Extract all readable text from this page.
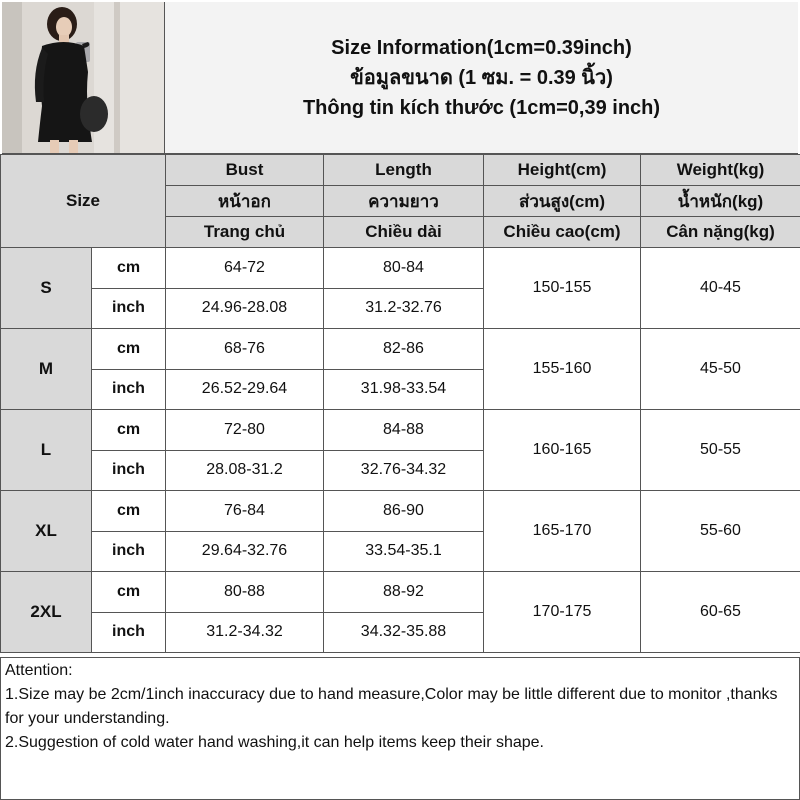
Size Information(1cm=0.39inch)
ข้อมูลขนาด (1 ซม. = 0.39 นิ้ว)
Thông tin kích thước (1cm=0,39 inch)
Size		Bust	Length	Height(cm)	Weight(kg)
		หน้าอก	ความยาว	ส่วนสูง(cm)	น้ำหนัก(kg)
		Trang chủ	Chiều dài	Chiều cao(cm)	Cân nặng(kg)
S	cm	64-72	80-84	150-155	40-45
	inch	24.96-28.08	31.2-32.76		
M	cm	68-76	82-86	155-160	45-50
	inch	26.52-29.64	31.98-33.54		
L	cm	72-80	84-88	160-165	50-55
	inch	28.08-31.2	32.76-34.32		
XL	cm	76-84	86-90	165-170	55-60
	inch	29.64-32.76	33.54-35.1		
2XL	cm	80-88	88-92	170-175	60-65
	inch	31.2-34.32	34.32-35.88		
Attention:
1.Size may be 2cm/1inch inaccuracy due to hand measure,Color may be little different due to monitor ,thanks for your understanding.
2.Suggestion of cold water hand washing,it can help items keep their shape.
